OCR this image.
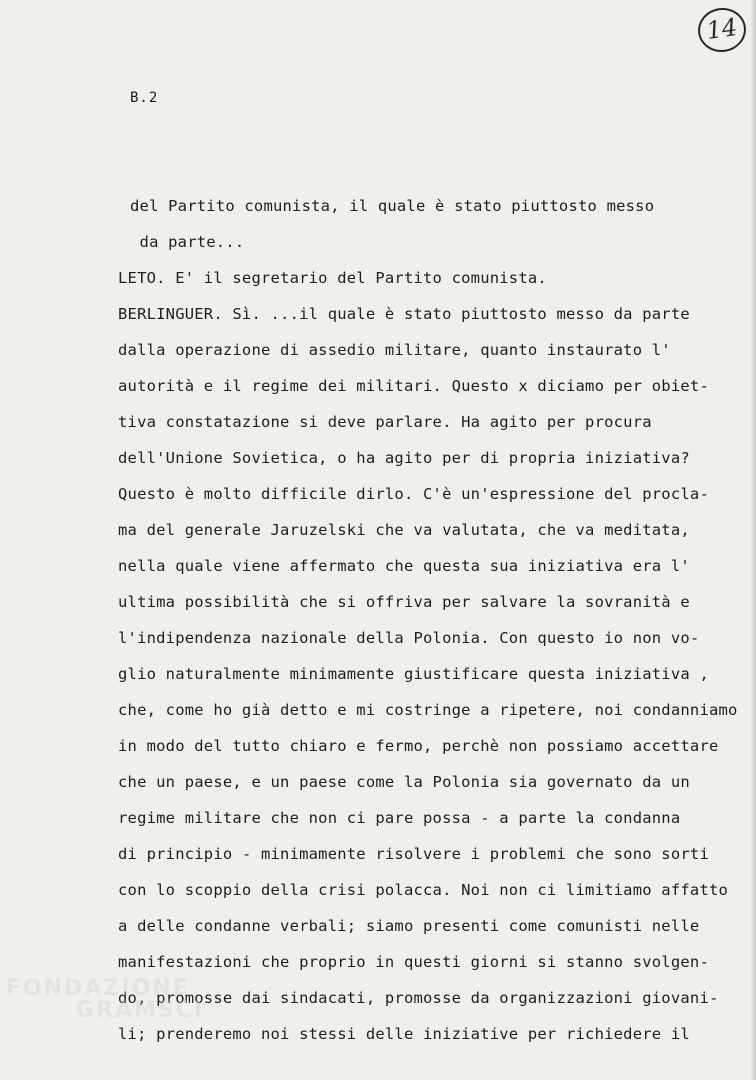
14
B.2
del Partito comunista, il quale è stato piuttosto messo
da parte...
LETO. E' il segretario del Partito comunista.
BERLINGUER. Sì. ...il quale è stato piuttosto messo da parte
dalla operazione di assedio militare, quanto instaurato l'
autorità e il regime dei militari. Questo x diciamo per obiet-
tiva constatazione si deve parlare. Ha agito per procura
dell'Unione Sovietica, o ha agito per di propria iniziativa?
Questo è molto difficile dirlo. C'è un'espressione del procla-
ma del generale Jaruzelski che va valutata, che va meditata,
nella quale viene affermato che questa sua iniziativa era l'
ultima possibilità che si offriva per salvare la sovranità e
l'indipendenza nazionale della Polonia. Con questo io non vo-
glio naturalmente minimamente giustificare questa iniziativa ,
che, come ho già detto e mi costringe a ripetere, noi condanniamo
in modo del tutto chiaro e fermo, perchè non possiamo accettare
che un paese, e un paese come la Polonia sia governato da un
regime militare che non ci pare possa - a parte la condanna
di principio - minimamente risolvere i problemi che sono sorti
con lo scoppio della crisi polacca. Noi non ci limitiamo affatto
a delle condanne verbali; siamo presenti come comunisti nelle
manifestazioni che proprio in questi giorni si stanno svolgen-
do, promosse dai sindacati, promosse da organizzazioni giovani-
li; prenderemo noi stessi delle iniziative per richiedere il
FONDAZIONE
GRAMSCI
